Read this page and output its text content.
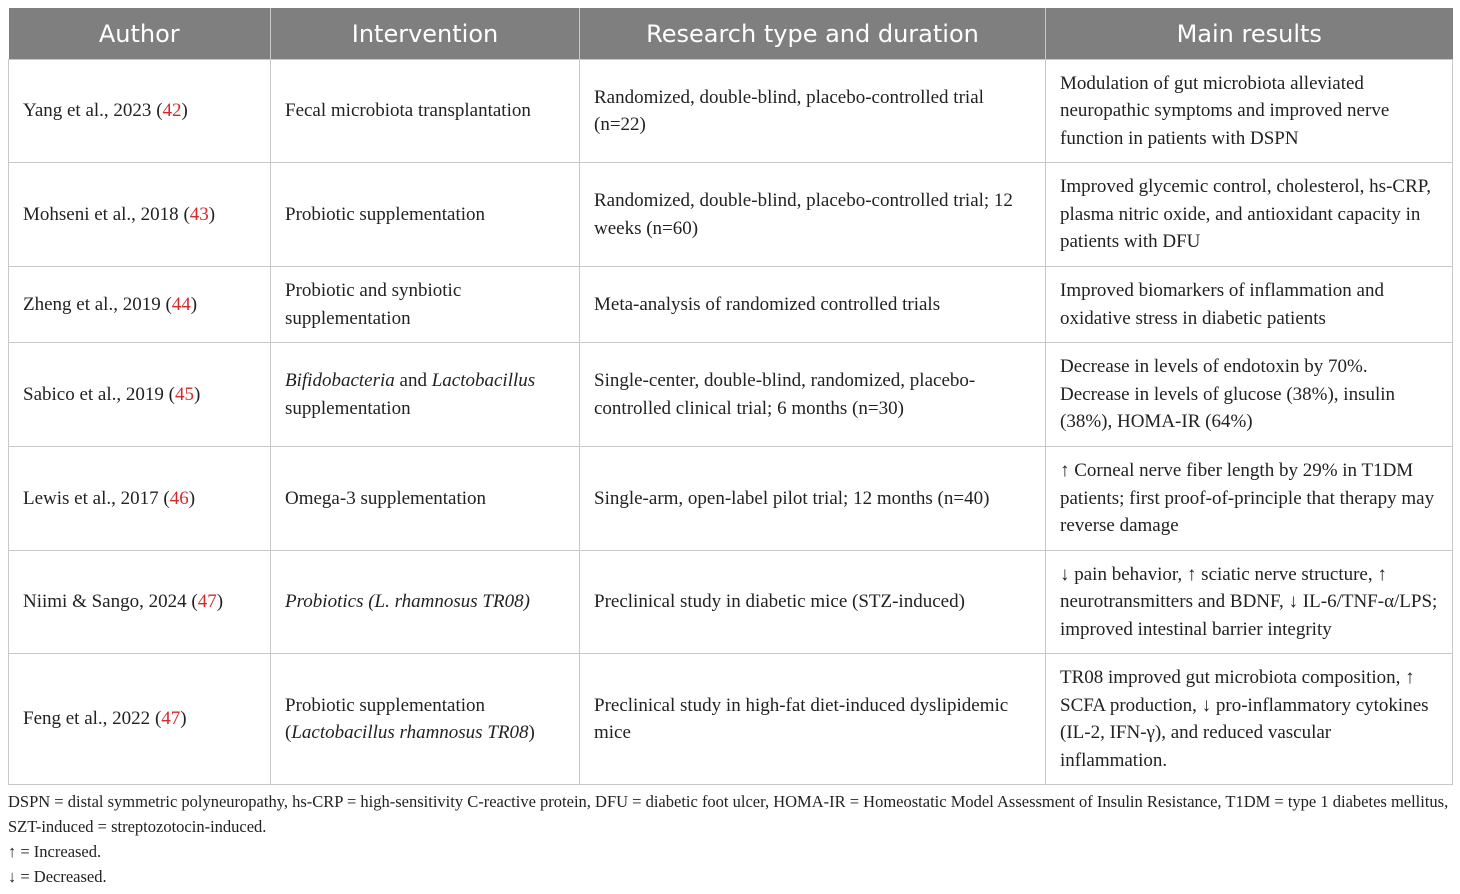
Author	Intervention	Research type and duration	Main results
Yang et al., 2023 (42)	Fecal microbiota transplantation	Randomized, double-blind, placebo-controlled trial (n=22)	Modulation of gut microbiota alleviated neuropathic symptoms and improved nerve function in patients with DSPN
Mohseni et al., 2018 (43)	Probiotic supplementation	Randomized, double-blind, placebo-controlled trial; 12 weeks (n=60)	Improved glycemic control, cholesterol, hs-CRP, plasma nitric oxide, and antioxidant capacity in patients with DFU
Zheng et al., 2019 (44)	Probiotic and synbiotic supplementation	Meta-analysis of randomized controlled trials	Improved biomarkers of inflammation and oxidative stress in diabetic patients
Sabico et al., 2019 (45)	Bifidobacteria and Lactobacillus supplementation	Single-center, double-blind, randomized, placebo-controlled clinical trial; 6 months (n=30)	Decrease in levels of endotoxin by 70%. Decrease in levels of glucose (38%), insulin (38%), HOMA-IR (64%)
Lewis et al., 2017 (46)	Omega-3 supplementation	Single-arm, open-label pilot trial; 12 months (n=40)	↑ Corneal nerve fiber length by 29% in T1DM patients; first proof-of-principle that therapy may reverse damage
Niimi & Sango, 2024 (47)	Probiotics (L. rhamnosus TR08)	Preclinical study in diabetic mice (STZ-induced)	↓ pain behavior, ↑ sciatic nerve structure, ↑ neurotransmitters and BDNF, ↓ IL-6/TNF-α/LPS; improved intestinal barrier integrity
Feng et al., 2022 (47)	Probiotic supplementation (Lactobacillus rhamnosus TR08)	Preclinical study in high-fat diet-induced dyslipidemic mice	TR08 improved gut microbiota composition, ↑ SCFA production, ↓ pro-inflammatory cytokines (IL-2, IFN-γ), and reduced vascular inflammation.
DSPN = distal symmetric polyneuropathy, hs-CRP = high-sensitivity C-reactive protein, DFU = diabetic foot ulcer, HOMA-IR = Homeostatic Model Assessment of Insulin Resistance, T1DM = type 1 diabetes mellitus, SZT-induced = streptozotocin-induced.
↑ = Increased.
↓ = Decreased.
